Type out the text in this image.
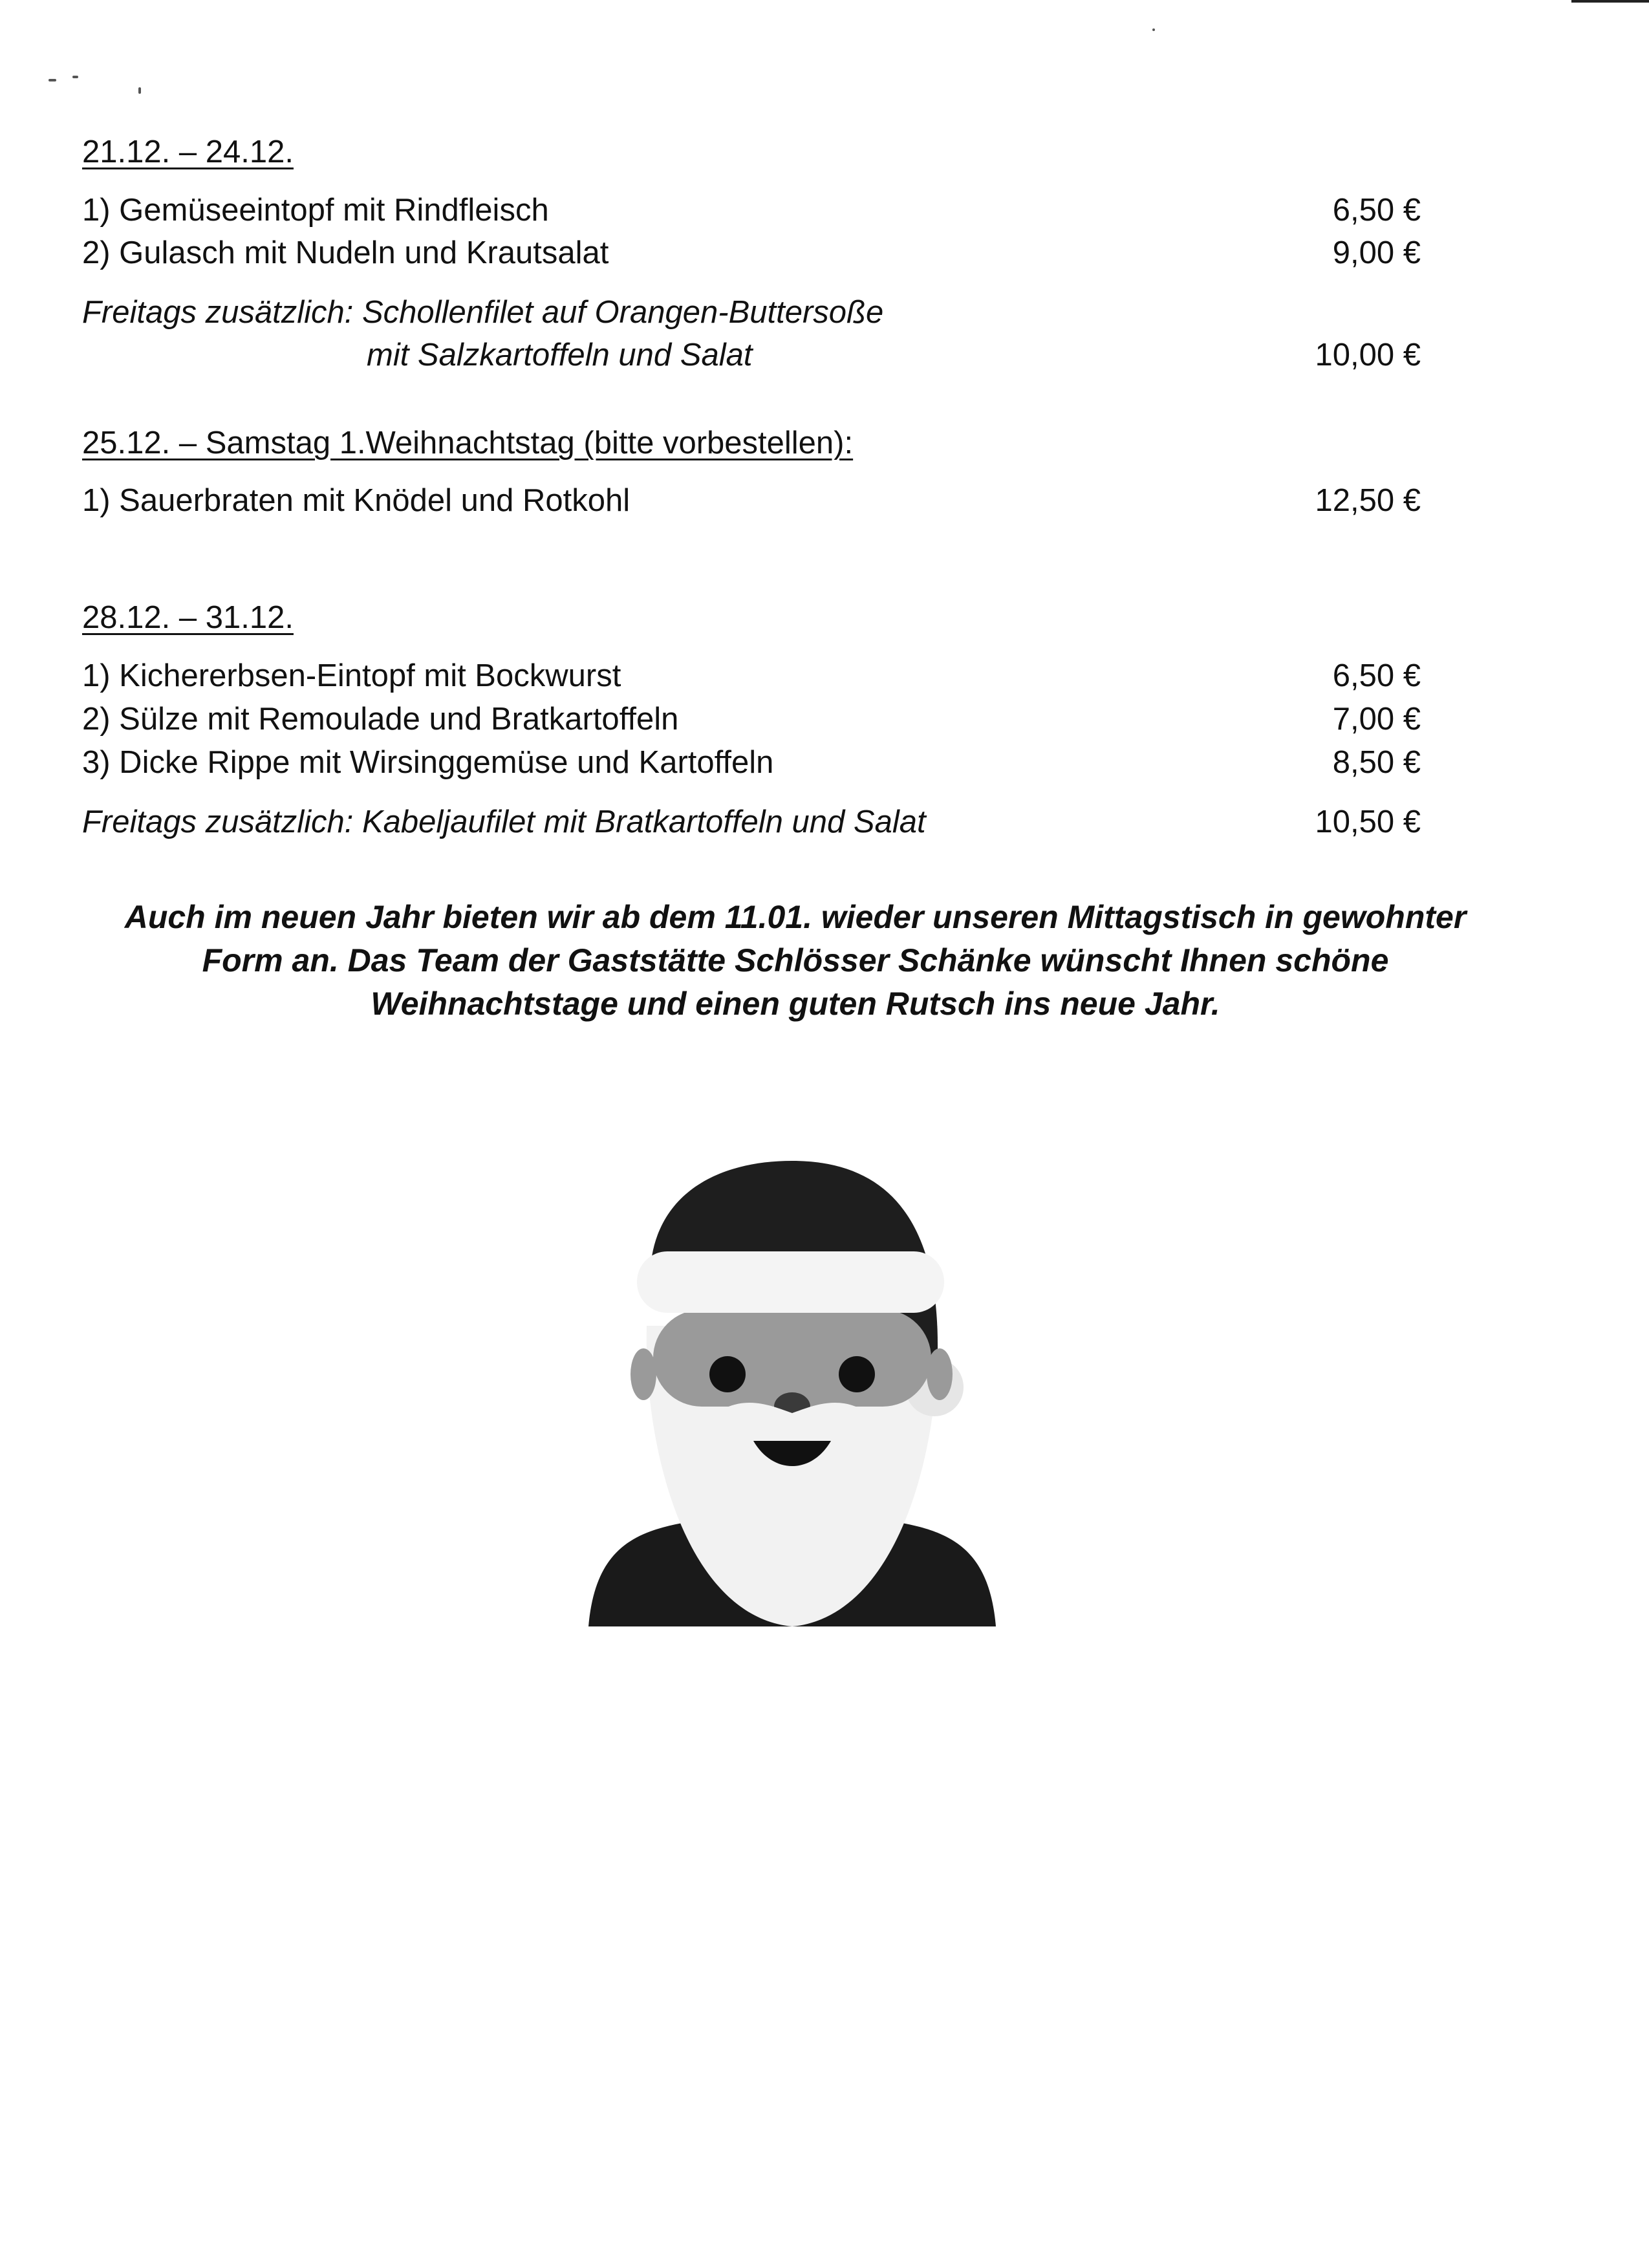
21.12. – 24.12.
1) Gemüseeintopf mit Rindfleisch	6,50 €
2) Gulasch mit Nudeln und Krautsalat	9,00 €
Freitags zusätzlich: Schollenfilet auf Orangen-Buttersoße
mit Salzkartoffeln und Salat	10,00 €
25.12. – Samstag 1.Weihnachtstag (bitte vorbestellen):
1) Sauerbraten mit Knödel und Rotkohl	12,50 €
28.12. – 31.12.
1) Kichererbsen-Eintopf mit Bockwurst	6,50 €
2) Sülze mit Remoulade und Bratkartoffeln	7,00 €
3) Dicke Rippe mit Wirsinggemüse und Kartoffeln	8,50 €
Freitags zusätzlich: Kabeljaufilet mit Bratkartoffeln und Salat	10,50 €
Auch im neuen Jahr bieten wir ab dem 11.01. wieder unseren Mittagstisch in gewohnter
Form an. Das Team der Gaststätte Schlösser Schänke wünscht Ihnen schöne
Weihnachtstage und einen guten Rutsch ins neue Jahr.
